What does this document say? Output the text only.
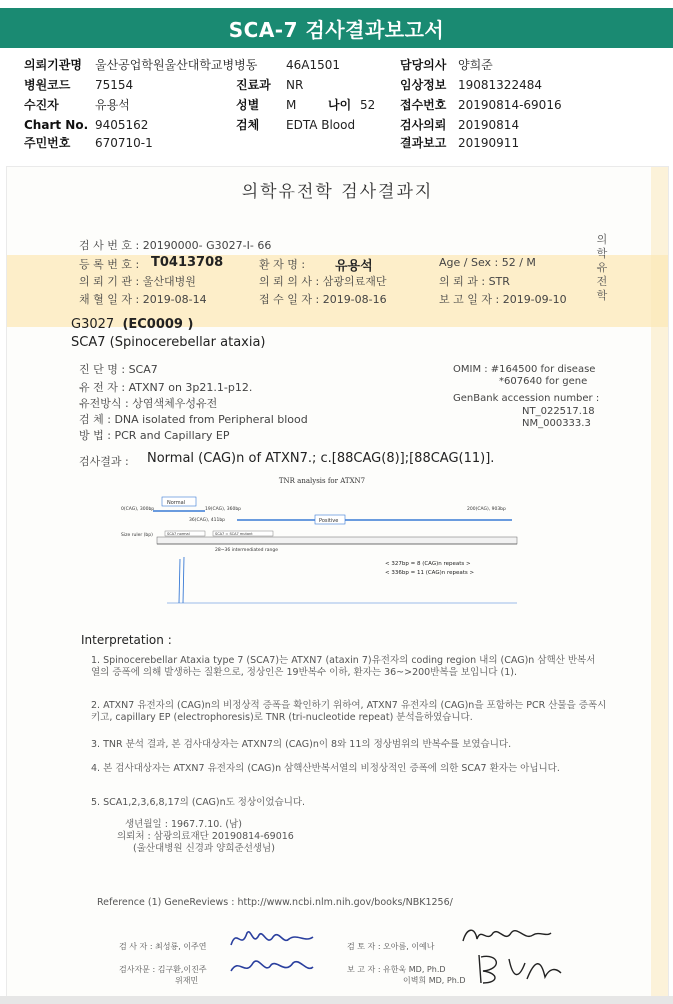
SCA-7 검사결과보고서
의뢰기관명 울산공업학원울산대학교병병동 46A1501	담당의사 양희준
병원코드 75154	진료과 NR	임상정보 19081322484
수진자	유용석	성별 M	나이 52 접수번호 20190814-69016
Chart No. 9405162	검체 EDTA Blood	검사의뢰 20190814
주민번호 670710-1	결과보고 20190911
의학유전학 검사결과지
검 사 번 호 : 20190000- G3027-I- 66
등 록 번 호 : T0413708	환 자 명 : 유용석	Age / Sex : 52 / M
의 뢰 기 관 : 울산대병원	의 뢰 의 사 : 삼광의료재단	의 뢰 과 : STR
채 혈 일 자 : 2019-08-14	접 수 일 자 : 2019-08-16	보 고 일 자 : 2019-09-10
의
학
유
전
학
G3027 (EC0009 )
SCA7 (Spinocerebellar ataxia)
진 단 명 : SCA7
유 전 자 : ATXN7 on 3p21.1-p12.
유전방식 : 상염색체우성유전
검 체 : DNA isolated from Peripheral blood
방 법 : PCR and Capillary EP
OMIM : #164500 for disease
*607640 for gene
GenBank accession number :
NT_022517.18
NM_000333.3
검사결과 : Normal (CAG)n of ATXN7.; c.[88CAG(8)];[88CAG(11)].
TNR analysis for ATXN7
Normal
0(CAG), 300bp	19(CAG), 360bp
36(CAG), 411bp	Positive
200(CAG), 903bp
Size ruler (bp)	SCA7 normal	SCA7 = SCA7 mutant
28~36 intermediated range
< 327bp = 8 (CAG)n repeats >
< 336bp = 11 (CAG)n repeats >
Interpretation :
1. Spinocerebellar Ataxia type 7 (SCA7)는 ATXN7 (ataxin 7)유전자의 coding region 내의 (CAG)n 삼핵산 반복서열의 증폭에 의해 발생하는 질환으로, 정상인은 19반복수 이하, 환자는 36~>200반복을 보입니다 (1).
2. ATXN7 유전자의 (CAG)n의 비정상적 증폭을 확인하기 위하여, ATXN7 유전자의 (CAG)n을 포함하는 PCR 산물을 증폭시키고, capillary EP (electrophoresis)로 TNR (tri-nucleotide repeat) 분석을하였습니다.
3. TNR 분석 결과, 본 검사대상자는 ATXN7의 (CAG)n이 8와 11의 정상범위의 반복수를 보였습니다.
4. 본 검사대상자는 ATXN7 유전자의 (CAG)n 삼핵산반복서열의 비정상적인 증폭에 의한 SCA7 환자는 아닙니다.
5. SCA1,2,3,6,8,17의 (CAG)n도 정상이었습니다.
생년월일 : 1967.7.10. (남)
의뢰처 : 삼광의료재단 20190814-69016
(울산대병원 신경과 양희준선생님)
Reference (1) GeneReviews : http://www.ncbi.nlm.nih.gov/books/NBK1256/
검 사 자 : 최성룡, 이주연	검 토 자 : 오아름, 이예나
검사자문 : 김구환,이진주
위재민
보 고 자 : 유한욱 MD, Ph.D
이벽희 MD, Ph.D
